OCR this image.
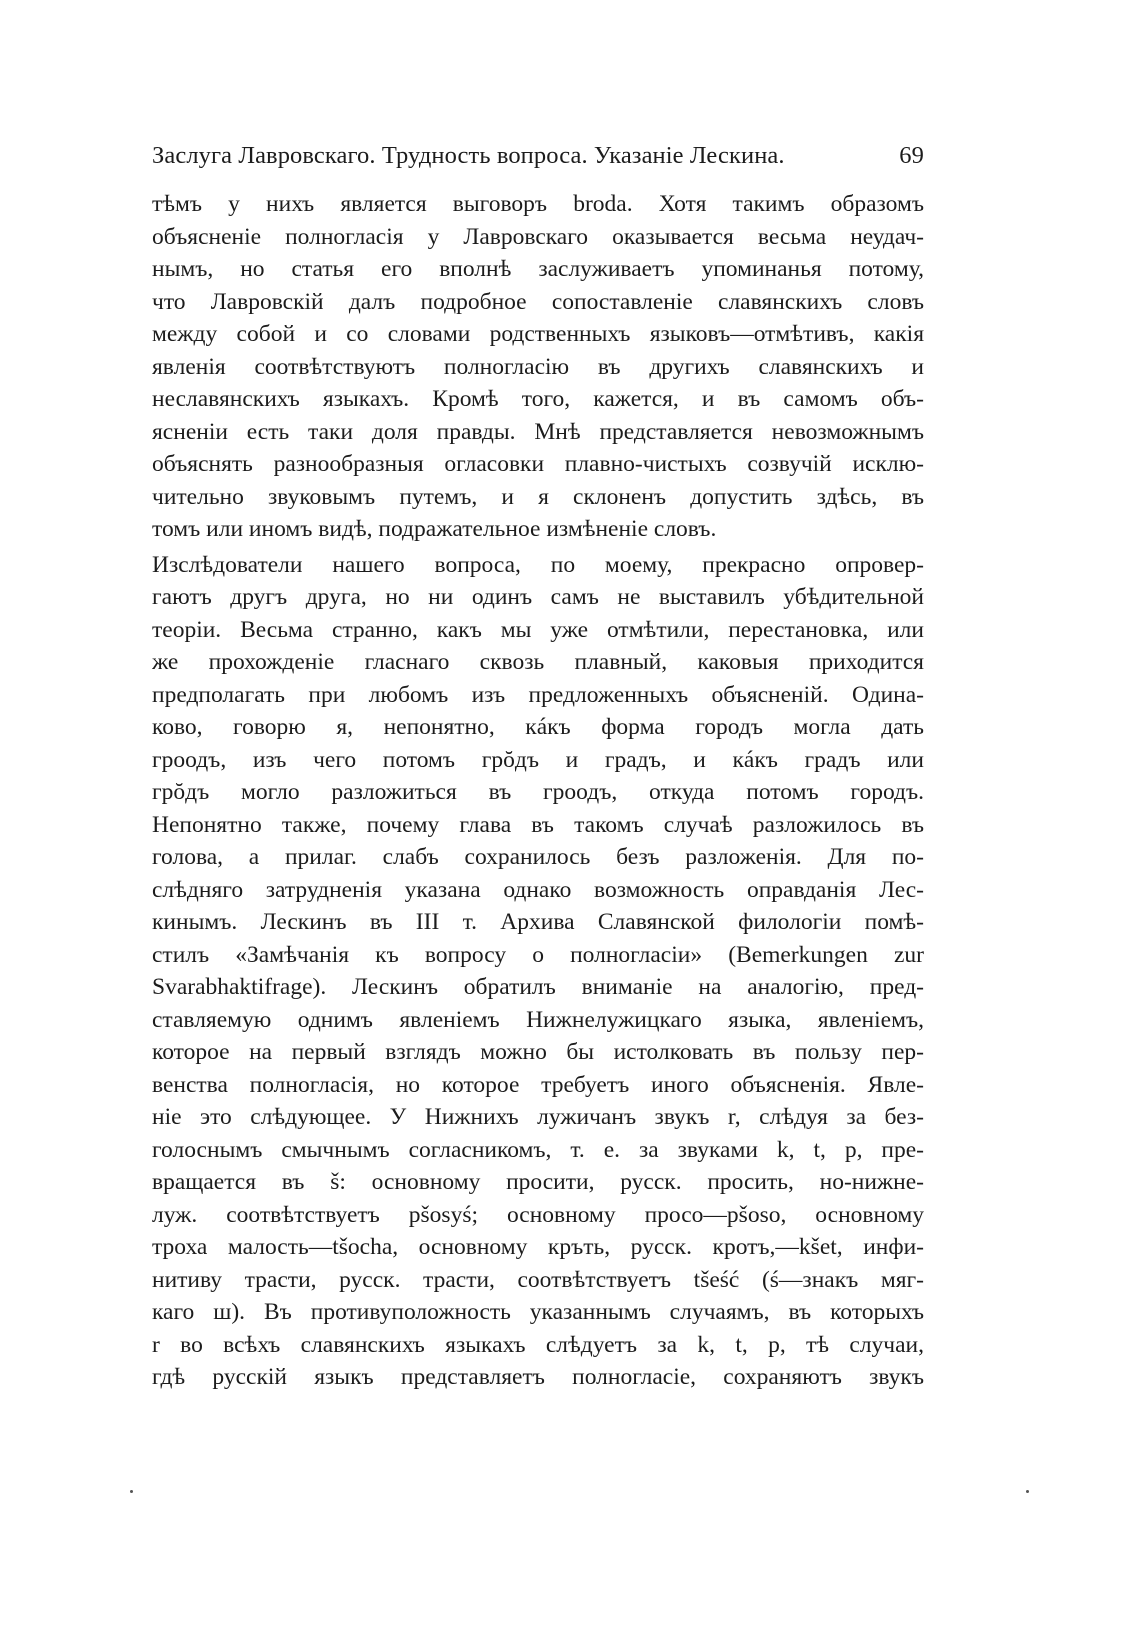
Заслуга Лавровскаго. Трудность вопроса. Указаніе Лескина.	69
тѣмъ у нихъ является выговоръ broda. Хотя такимъ образомъ
объясненіе полногласія у Лавровскаго оказывается весьма неудач-
нымъ, но статья его вполнѣ заслуживаетъ упоминанья потому,
что Лавровскій далъ подробное сопоставленіе славянскихъ словъ
между собой и со словами родственныхъ языковъ—отмѣтивъ, какія
явленія соотвѣтствуютъ полногласію въ другихъ славянскихъ и
неславянскихъ языкахъ. Кромѣ того, кажется, и въ самомъ объ-
ясненіи есть таки доля правды. Мнѣ представляется невозможнымъ
объяснять разнообразныя огласовки плавно-чистыхъ созвучій исклю-
чительно звуковымъ путемъ, и я склоненъ допустить здѣсь, въ
томъ или иномъ видѣ, подражательное измѣненіе словъ.
Изслѣдователи нашего вопроса, по моему, прекрасно опровер-
гаютъ другъ друга, но ни одинъ самъ не выставилъ убѣдительной
теоріи. Весьма странно, какъ мы уже отмѣтили, перестановка, или
же прохожденіе гласнаго сквозь плавный, каковыя приходится
предполагать при любомъ изъ предложенныхъ объясненій. Одина-
ково, говорю я, непонятно, кáкъ форма городъ могла дать
гроодъ, изъ чего потомъ грŏдъ и градъ, и кáкъ градъ или
грŏдъ могло разложиться въ гроодъ, откуда потомъ городъ.
Непонятно также, почему глава въ такомъ случаѣ разложилось въ
голова, а прилаг. слабъ сохранилось безъ разложенія. Для по-
слѣдняго затрудненія указана однако возможность оправданія Лес-
кинымъ. Лескинъ въ III т. Архива Славянской филологіи помѣ-
стилъ «Замѣчанія къ вопросу о полногласіи» (Bemerkungen zur
Svarabhaktifrage). Лескинъ обратилъ вниманіе на аналогію, пред-
ставляемую однимъ явленіемъ Нижнелужицкаго языка, явленіемъ,
которое на первый взглядъ можно бы истолковать въ пользу пер-
венства полногласія, но которое требуетъ иного объясненія. Явле-
ніе это слѣдующее. У Нижнихъ лужичанъ звукъ r, слѣдуя за без-
голоснымъ смычнымъ согласникомъ, т. е. за звуками k, t, p, пре-
вращается въ š: основному просити, русск. просить, но-нижне-
луж. соотвѣтствуетъ pšosyś; основному просо—pšoso, основному
троха малость—tšocha, основному кръть, русск. кротъ,—kšet, инфи-
нитиву трасти, русск. трасти, соотвѣтствуетъ tšeść (ś—знакъ мяг-
каго ш). Въ противуположность указаннымъ случаямъ, въ которыхъ
r во всѣхъ славянскихъ языкахъ слѣдуетъ за k, t, p, тѣ случаи,
гдѣ русскій языкъ представляетъ полногласіе, сохраняютъ звукъ
